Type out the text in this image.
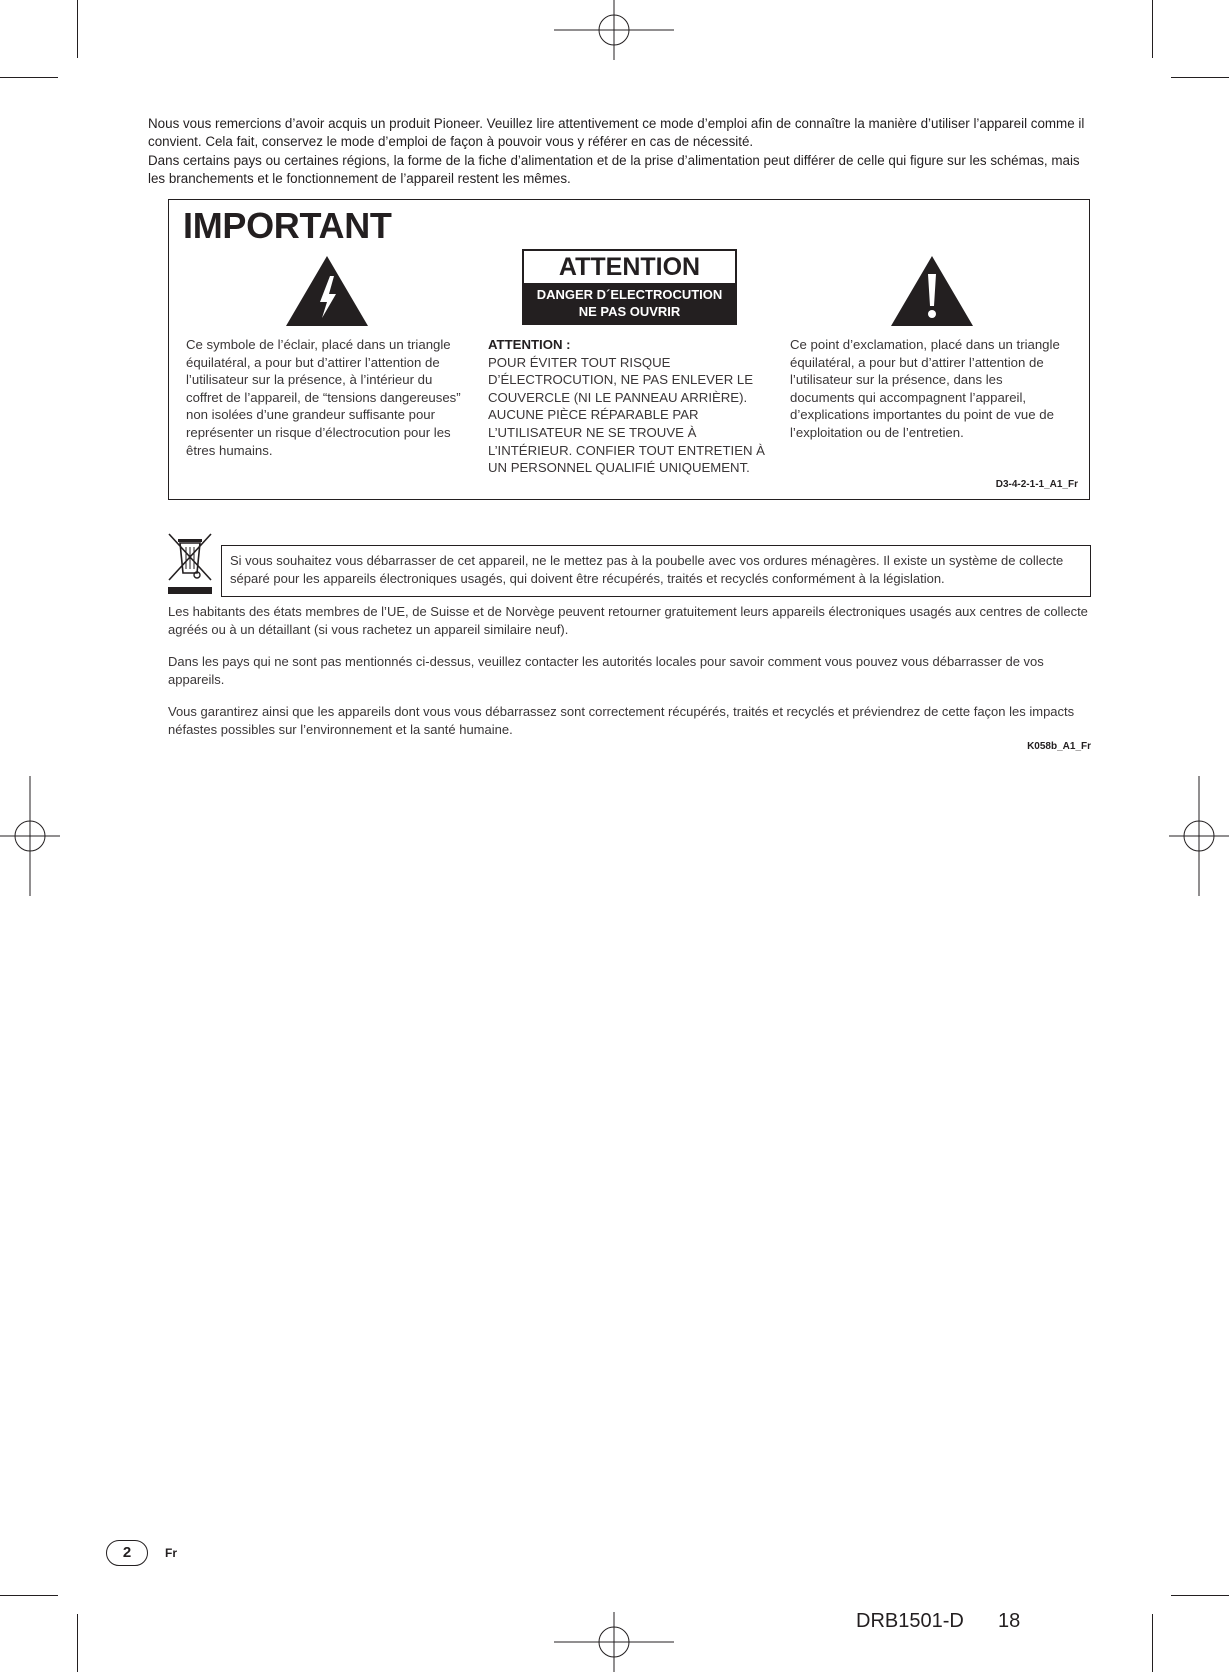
Nous vous remercions d’avoir acquis un produit Pioneer. Veuillez lire attentivement ce mode d’emploi afin de connaître la manière d’utiliser l’appareil comme il convient. Cela fait, conservez le mode d’emploi de façon à pouvoir vous y référer en cas de nécessité.

Dans certains pays ou certaines régions, la forme de la fiche d’alimentation et de la prise d’alimentation peut différer de celle qui figure sur les schémas, mais les branchements et le fonctionnement de l’appareil restent les mêmes.

IMPORTANT
ATTENTION
DANGER D´ELECTROCUTION
NE PAS OUVRIR

Ce symbole de l’éclair, placé dans un triangle équilatéral, a pour but d’attirer l’attention de l’utilisateur sur la présence, à l’intérieur du coffret de l’appareil, de “tensions dangereuses” non isolées d’une grandeur suffisante pour représenter un risque d’électrocution pour les êtres humains.

ATTENTION :

POUR ÉVITER TOUT RISQUE D’ÉLECTROCUTION, NE PAS ENLEVER LE COUVERCLE (NI LE PANNEAU ARRIÈRE). AUCUNE PIÈCE RÉPARABLE PAR L’UTILISATEUR NE SE TROUVE À L’INTÉRIEUR. CONFIER TOUT ENTRETIEN À UN PERSONNEL QUALIFIÉ UNIQUEMENT.

Ce point d’exclamation, placé dans un triangle équilatéral, a pour but d’attirer l’attention de l’utilisateur sur la présence, dans les documents qui accompagnent l’appareil, d’explications importantes du point de vue de l’exploitation ou de l’entretien.

D3-4-2-1-1_A1_Fr

Si vous souhaitez vous débarrasser de cet appareil, ne le mettez pas à la poubelle avec vos ordures ménagères. Il existe un système de collecte séparé pour les appareils électroniques usagés, qui doivent être récupérés, traités et recyclés conformément à la législation.

Les habitants des états membres de l’UE, de Suisse et de Norvège peuvent retourner gratuitement leurs appareils électroniques usagés aux centres de collecte agréés ou à un détaillant (si vous rachetez un appareil similaire neuf).

Dans les pays qui ne sont pas mentionnés ci-dessus, veuillez contacter les autorités locales pour savoir comment vous pouvez vous débarrasser de vos appareils.

Vous garantirez ainsi que les appareils dont vous vous débarrassez sont correctement récupérés, traités et recyclés et préviendrez de cette façon les impacts néfastes possibles sur l’environnement et la santé humaine.

K058b_A1_Fr
2	Fr
DRB1501-D 18
